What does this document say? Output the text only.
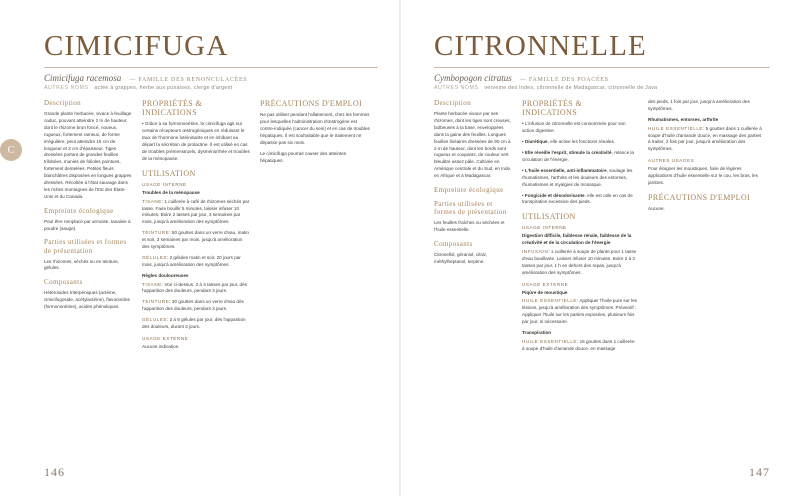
C
CIMICIFUGA
Cimicifuga racemosa — FAMILLE DES RENONCULACÉES
AUTRES NOMS actée à grappes, herbe aux punaises, cierge d'argent
Description

Grande plante herbacée, vivace à feuillage caduc, pouvant atteindre 2 m de hauteur, dont le rhizome brun foncé, noueux, rugueux, fortement rameux, de forme irrégulière, peut atteindre 15 cm de longueur et 2 cm d'épaisseur. Tiges dressées portant de grandes feuilles trilobées, munies de folioles pointues, fortement dentelées. Petites fleurs blanchâtres disposées en longues grappes dressées. Récoltée à l'état sauvage dans les riches montagnes de l'Est des États-Unis et du Canada.

Empreinte écologique

Peut être remplacé par armoise, tanaisie à poudre (sauge).

Parties utilisées et formes de présentation

Les rhizomes, séchés ou en teinture, gélules.

Composants

Hétérosides triterpéniques (actéine, cimicifugoside, acétylactéine), flavonoïdes (formononétine), acides phénoliques.

PROPRIÉTÉS & INDICATIONS

• Grâce à sa formononétine, le cimicifuga agit sur certains récepteurs œstrogéniques en réduisant le taux de l'hormone lutéinisante et en inhibant au départ la sécrétion de prolactine. Il est utilisé en cas de troubles prémenstruels, dysménorrhée et troubles de la ménopause.

UTILISATION
USAGE INTERNE

Troubles de la ménopause

TISANE: 1 cuillerée à café de rhizomes séchés par tasse. Faire bouillir 5 minutes, laisser infuser 10 minutes. Boire 2 tasses par jour, 3 semaines par mois, jusqu'à amélioration des symptômes.

TEINTURE: 50 gouttes dans un verre d'eau, matin et soir, 3 semaines par mois, jusqu'à amélioration des symptômes.

GÉLULES: 2 gélules matin et soir, 20 jours par mois, jusqu'à amélioration des symptômes.

Règles douloureuses

TISANE: Voir ci-dessus. 2 à 3 tasses par jour, dès l'apparition des douleurs, pendant 3 jours.

TEINTURE: 30 gouttes dans un verre d'eau dès l'apparition des douleurs, pendant 3 jours.

GÉLULES: 2 à 8 gélules par jour, dès l'apparition des douleurs, durant 3 jours.

USAGE EXTERNE

Aucune indication.

PRÉCAUTIONS D'EMPLOI

Ne pas utiliser pendant l'allaitement, chez les femmes pour lesquelles l'administration d'œstrogène est contre-indiquée (cancer du sein) et en cas de troubles hépatiques. Il est souhaitable que le traitement ne dépasse pas six mois.

Le cimicifuga pourrait causer des atteintes hépatiques.

146
CITRONNELLE
Cymbopogon citratus — FAMILLE DES POACÉES
AUTRES NOMS verveine des Indes, citronnelle de Madagascar, citronnelle de Java
Description

Plante herbacée vivace par ses rhizomes, dont les tiges sont creuses, bulbeuses à la base, enveloppées dans la gaine des feuilles. Longues feuilles linéaires dressées de 90 cm à 2 m de hauteur, dont les bords sont rugueux et coupants, de couleur vert bleuâtre assez pâle. Cultivée en Amérique centrale et du Sud, en Inde, en Afrique et à Madagascar.

Empreinte écologique
Parties utilisées et formes de présentation

Les feuilles fraîches ou séchées et l'huile essentielle.

Composants

Citronellol, géraniol, citral, méthylheptanol, terpène.

PROPRIÉTÉS & INDICATIONS

• L'infusion de citronnelle est consommée pour son action digestive.

• Diurétique, elle active les fonctions rénales.

• Elle réveille l'esprit, stimule la créativité, relance la circulation de l'énergie.

• L'huile essentielle, anti-inflammatoire, soulage les rhumatismes, l'arthrite et les douleurs des entorses, rhumatismes et myalgies de mosaïque.

• Fongicide et désodorisante, elle est utile en cas de transpiration excessive des pieds.

UTILISATION
USAGE INTERNE

Digestion difficile, faiblesse rénale, faiblesse de la créativité et de la circulation de l'énergie

INFUSION: 1 cuillerée à soupe de plante pour 1 tasse d'eau bouillante. Laisser infuser 10 minutes. Boire 2 à 3 tasses par jour, 1 h en dehors des repas, jusqu'à amélioration des symptômes.

USAGE EXTERNE

Piqûre de moustique

HUILE ESSENTIELLE: Appliquer l'huile pure sur les lésions, jusqu'à amélioration des symptômes. Préventif : Appliquer l'huile sur les parties exposées, plusieurs fois par jour, si nécessaire.

Transpiration

HUILE ESSENTIELLE: 15 gouttes dans 1 cuillerée à soupe d'huile d'amande douce, en massage

des pieds, 1 fois par jour, jusqu'à amélioration des symptômes.

Rhumatismes, entorses, arthrite

HUILE ESSENTIELLE: 5 gouttes dans 1 cuillerée à soupe d'huile d'amande douce, en massage des parties à traiter, 2 fois par jour, jusqu'à amélioration des symptômes.

AUTRES USAGES

Pour éloigner les moustiques, faire de légères applications d'huile essentielle sur le cou, les bras, les jambes.

PRÉCAUTIONS D'EMPLOI

Aucune.

147
